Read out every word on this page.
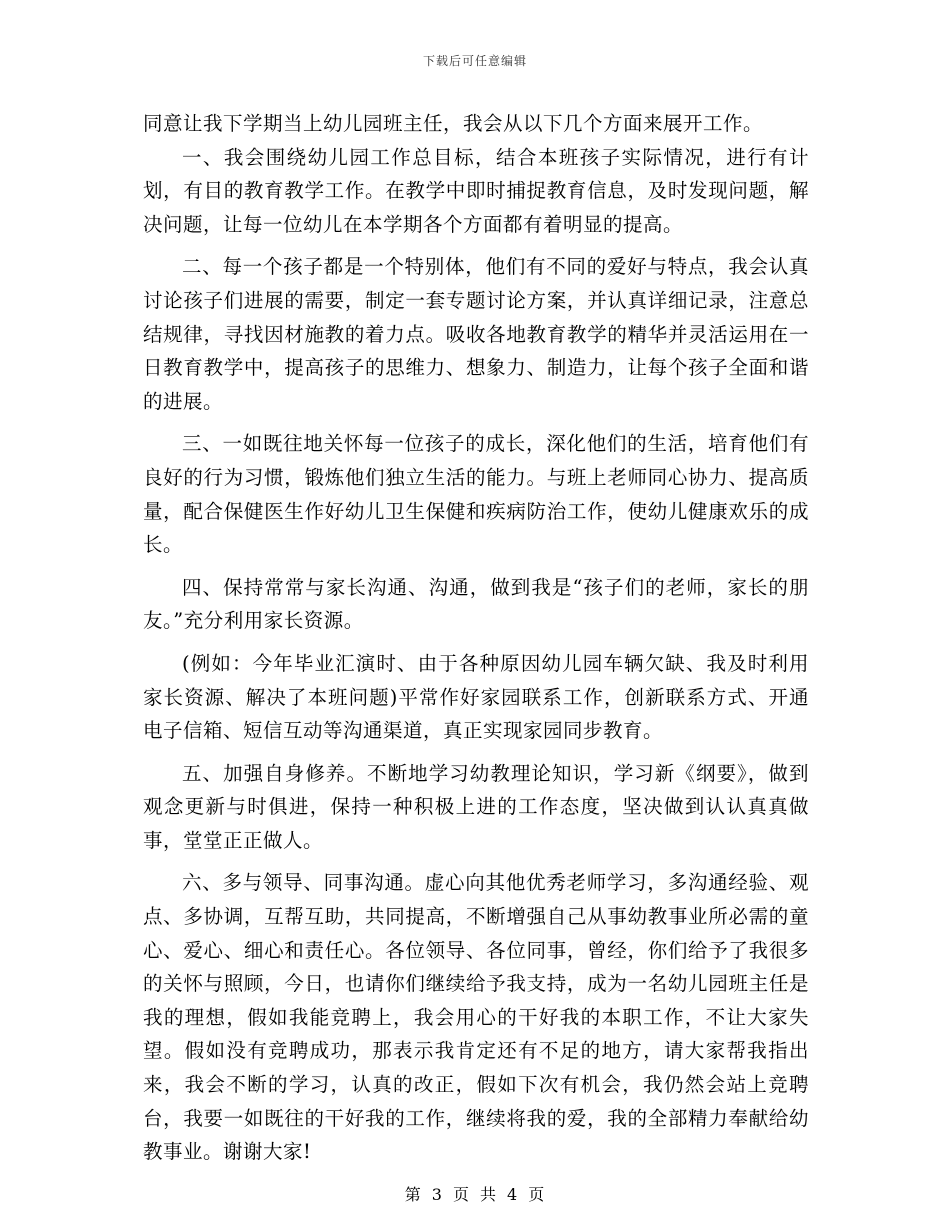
下载后可任意编辑

同意让我下学期当上幼儿园班主任，我会从以下几个方面来展开工作。

一、我会围绕幼儿园工作总目标，结合本班孩子实际情况，进行有计划，有目的教育教学工作。在教学中即时捕捉教育信息，及时发现问题，解决问题，让每一位幼儿在本学期各个方面都有着明显的提高。

二、每一个孩子都是一个特别体，他们有不同的爱好与特点，我会认真讨论孩子们进展的需要，制定一套专题讨论方案，并认真详细记录，注意总结规律，寻找因材施教的着力点。吸收各地教育教学的精华并灵活运用在一日教育教学中，提高孩子的思维力、想象力、制造力，让每个孩子全面和谐的进展。

三、一如既往地关怀每一位孩子的成长，深化他们的生活，培育他们有良好的行为习惯，锻炼他们独立生活的能力。与班上老师同心协力、提高质量，配合保健医生作好幼儿卫生保健和疾病防治工作，使幼儿健康欢乐的成长。

四、保持常常与家长沟通、沟通，做到我是“孩子们的老师，家长的朋友。”充分利用家长资源。

(例如：今年毕业汇演时、由于各种原因幼儿园车辆欠缺、我及时利用家长资源、解决了本班问题)平常作好家园联系工作，创新联系方式、开通电子信箱、短信互动等沟通渠道，真正实现家园同步教育。

五、加强自身修养。不断地学习幼教理论知识，学习新《纲要》，做到观念更新与时俱进，保持一种积极上进的工作态度，坚决做到认认真真做事，堂堂正正做人。

六、多与领导、同事沟通。虚心向其他优秀老师学习，多沟通经验、观点、多协调，互帮互助，共同提高，不断增强自己从事幼教事业所必需的童心、爱心、细心和责任心。各位领导、各位同事，曾经，你们给予了我很多的关怀与照顾，今日，也请你们继续给予我支持，成为一名幼儿园班主任是我的理想，假如我能竞聘上，我会用心的干好我的本职工作，不让大家失望。假如没有竞聘成功，那表示我肯定还有不足的地方，请大家帮我指出来，我会不断的学习，认真的改正，假如下次有机会，我仍然会站上竞聘台，我要一如既往的干好我的工作，继续将我的爱，我的全部精力奉献给幼教事业。谢谢大家!

第 3 页 共 4 页
